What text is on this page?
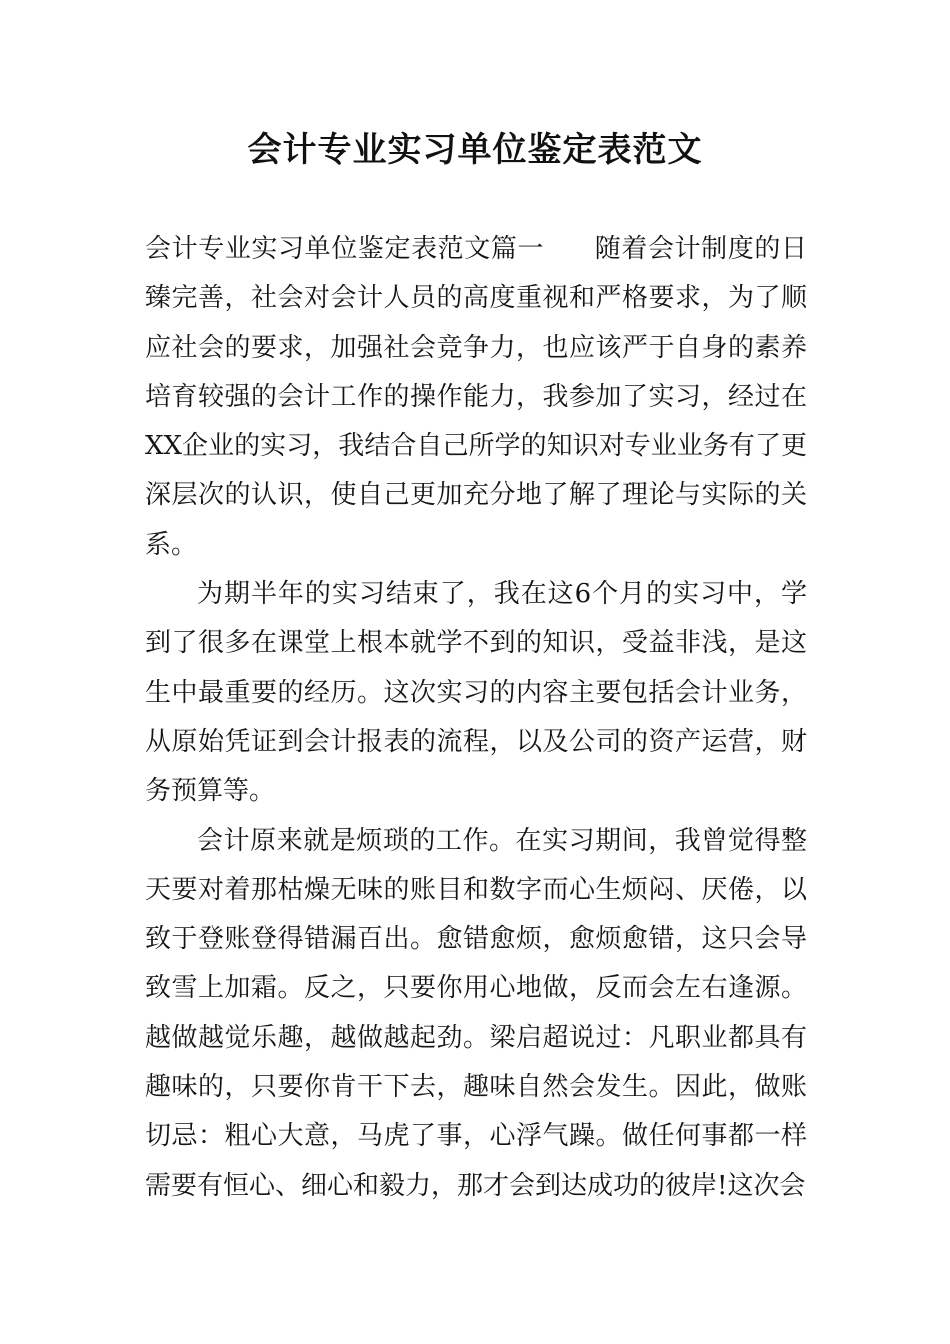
会计专业实习单位鉴定表范文

会计专业实习单位鉴定表范文篇一 随着会计制度的日臻完善，社会对会计人员的高度重视和严格要求，为了顺应社会的要求，加强社会竞争力，也应该严于自身的素养培育较强的会计工作的操作能力，我参加了实习，经过在XX企业的实习，我结合自己所学的知识对专业业务有了更深层次的认识，使自己更加充分地了解了理论与实际的关系。

为期半年的实习结束了，我在这6个月的实习中，学到了很多在课堂上根本就学不到的知识，受益非浅，是这生中最重要的经历。这次实习的内容主要包括会计业务，从原始凭证到会计报表的流程，以及公司的资产运营，财务预算等。

会计原来就是烦琐的工作。在实习期间，我曾觉得整天要对着那枯燥无味的账目和数字而心生烦闷、厌倦，以致于登账登得错漏百出。愈错愈烦，愈烦愈错，这只会导致雪上加霜。反之，只要你用心地做，反而会左右逢源。越做越觉乐趣，越做越起劲。梁启超说过：凡职业都具有趣味的，只要你肯干下去，趣味自然会发生。因此，做账切忌：粗心大意，马虎了事，心浮气躁。做任何事都一样需要有恒心、细心和毅力，那才会到达成功的彼岸!这次会
